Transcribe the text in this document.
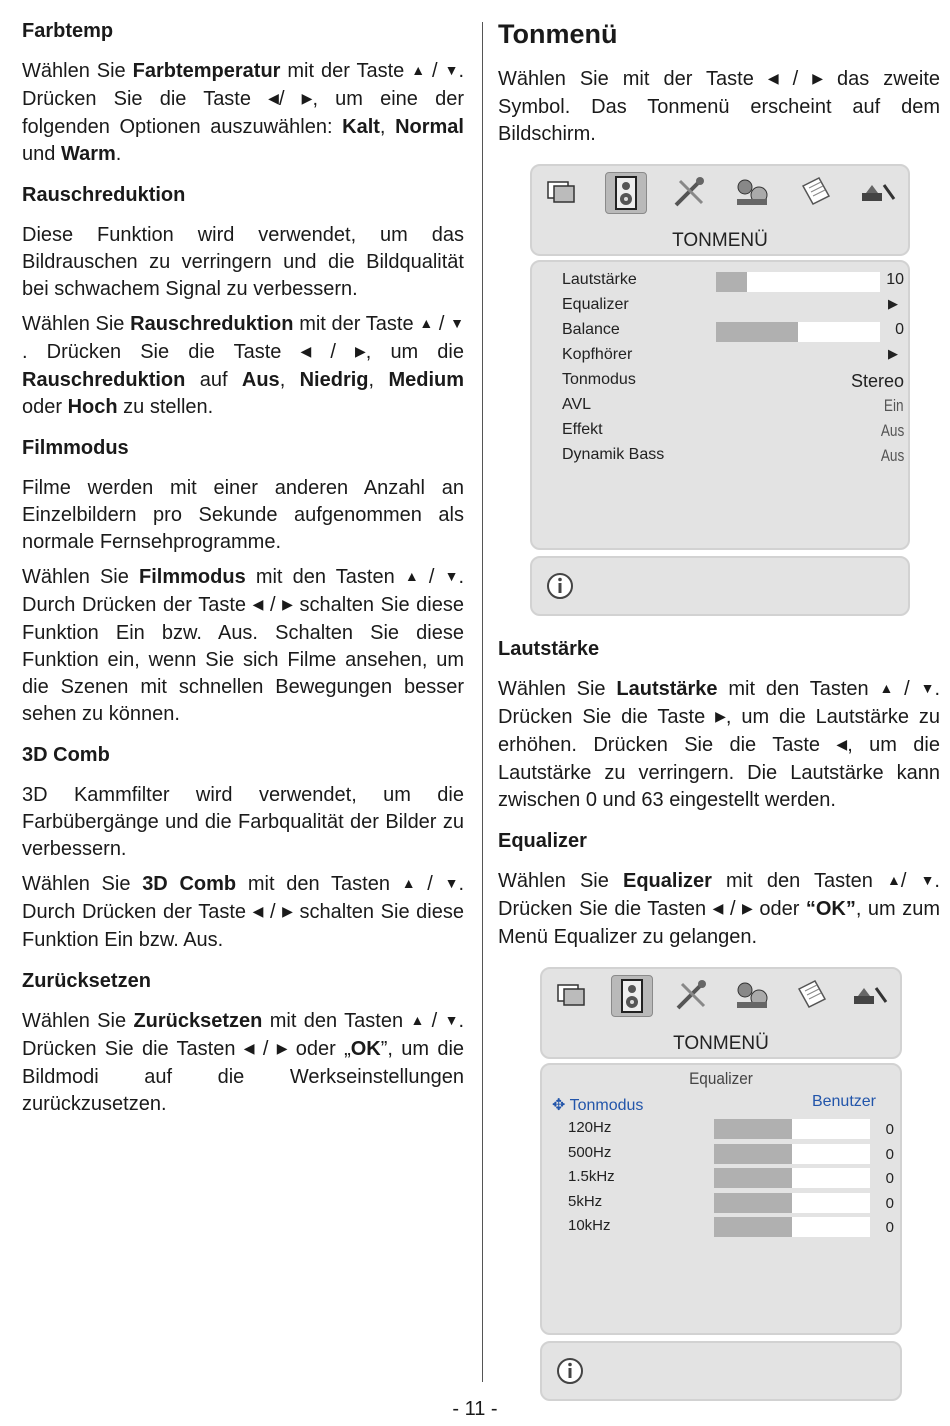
Farbtemp

Wählen Sie Farbtemperatur mit der Taste ▲ / ▼. Drücken Sie die Taste ◀/ ▶, um eine der folgenden Optionen auszuwählen: Kalt, Normal und Warm.

Rauschreduktion

Diese Funktion wird verwendet, um das Bildrauschen zu verringern und die Bildqualität bei schwachem Signal zu verbessern.

Wählen Sie Rauschreduktion mit der Taste ▲ / ▼. Drücken Sie die Taste ◀ / ▶, um die Rauschreduktion auf Aus, Niedrig, Medium oder Hoch zu stellen.

Filmmodus

Filme werden mit einer anderen Anzahl an Einzelbildern pro Sekunde aufgenommen als normale Fernsehprogramme.

Wählen Sie Filmmodus mit den Tasten ▲ / ▼. Durch Drücken der Taste ◀ / ▶ schalten Sie diese Funktion Ein bzw. Aus. Schalten Sie diese Funktion ein, wenn Sie sich Filme ansehen, um die Szenen mit schnellen Bewegungen besser sehen zu können.

3D Comb

3D Kammfilter wird verwendet, um die Farbübergänge und die Farbqualität der Bilder zu verbessern.

Wählen Sie 3D Comb mit den Tasten ▲ / ▼. Durch Drücken der Taste ◀ / ▶ schalten Sie diese Funktion Ein bzw. Aus.

Zurücksetzen

Wählen Sie Zurücksetzen mit den Tasten ▲ / ▼. Drücken Sie die Tasten ◀ / ▶ oder „OK”, um die Bildmodi auf die Werkseinstellungen zurückzusetzen.

Tonmenü

Wählen Sie mit der Taste ◀ / ▶ das zweite Symbol. Das Tonmenü erscheint auf dem Bildschirm.

TONMENÜ
Lautstärke	10
Equalizer	▶
Balance	0
Kopfhörer	▶
Tonmodus	Stereo
AVL	Ein
Effekt	Aus
Dynamik Bass	Aus
Lautstärke

Wählen Sie Lautstärke mit den Tasten ▲ / ▼. Drücken Sie die Taste ▶, um die Lautstärke zu erhöhen. Drücken Sie die Taste ◀, um die Lautstärke zu verringern. Die Lautstärke kann zwischen 0 und 63 eingestellt werden.

Equalizer

Wählen Sie Equalizer mit den Tasten ▲/ ▼. Drücken Sie die Tasten ◀ / ▶ oder “OK”, um zum Menü Equalizer zu gelangen.

TONMENÜ
Equalizer
✥ Tonmodus	Benutzer
120Hz	0
500Hz	0
1.5kHz	0
5kHz	0
10kHz	0
- 11 -
